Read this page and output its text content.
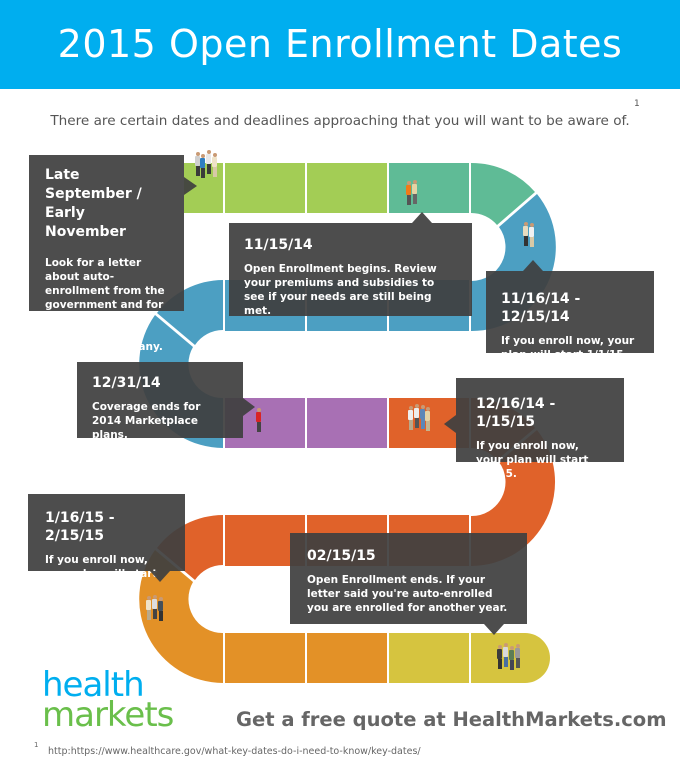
2015 Open Enrollment Dates
There are certain dates and deadlines approaching that you will want to be aware of.
1
Late September /
Early November
Look for a letter about auto-enrollment from the government and for information from your health insurance company.
11/15/14
Open Enrollment begins. Review your premiums and subsidies to see if your needs are still being met.
11/16/14 - 12/15/14
If you enroll now, your plan will start 1/1/15.
12/31/14
Coverage ends for 2014 Marketplace plans.
12/16/14 - 1/15/15
If you enroll now, your plan will start 2/1/15.
1/16/15 - 2/15/15
If you enroll now, your plan will start 3/1/15.
02/15/15
Open Enrollment ends. If your letter said you're auto-enrolled you are enrolled for another year.
health
markets	Get a free quote at HealthMarkets.com
1
http:https://www.healthcare.gov/what-key-dates-do-i-need-to-know/key-dates/
